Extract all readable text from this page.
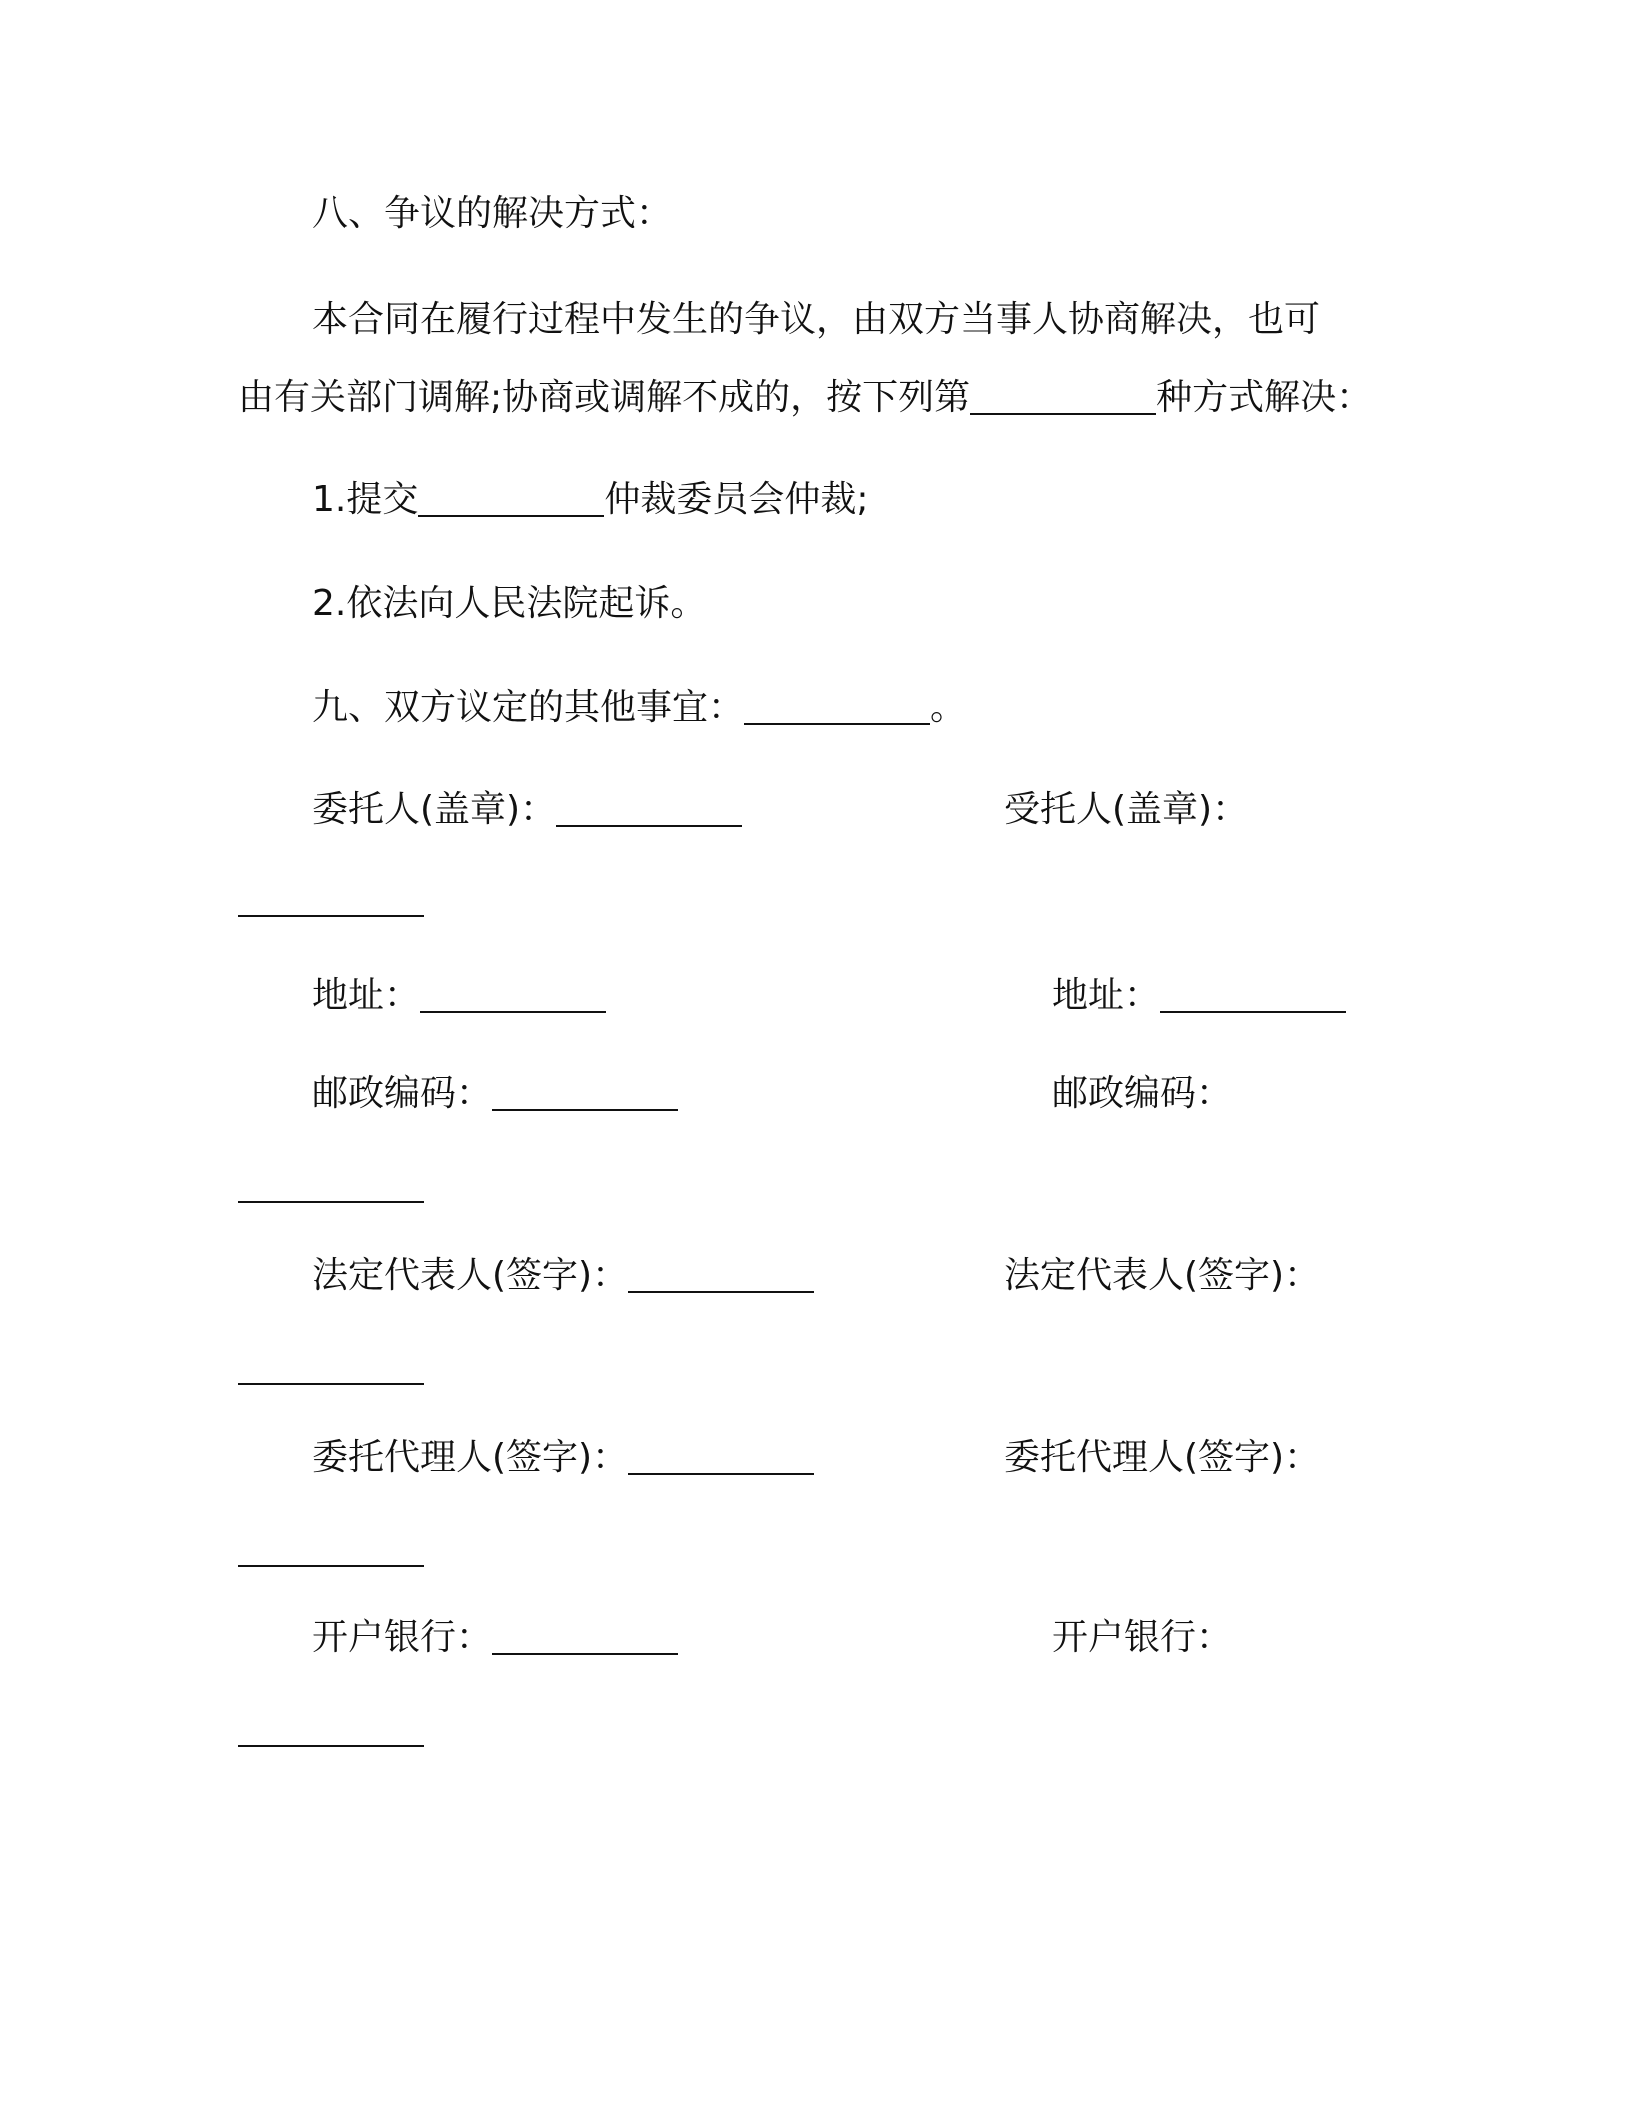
八、争议的解决方式：
本合同在履行过程中发生的争议，由双方当事人协商解决，也可
由有关部门调解;协商或调解不成的，按下列第	种方式解决：
1.提交	仲裁委员会仲裁;
2.依法向人民法院起诉。
九、双方议定的其他事宜：	。
委托人(盖章)：	受托人(盖章)：
地址：	地址：
邮政编码：	邮政编码：
法定代表人(签字)：	法定代表人(签字)：
委托代理人(签字)：	委托代理人(签字)：
开户银行：	开户银行：
